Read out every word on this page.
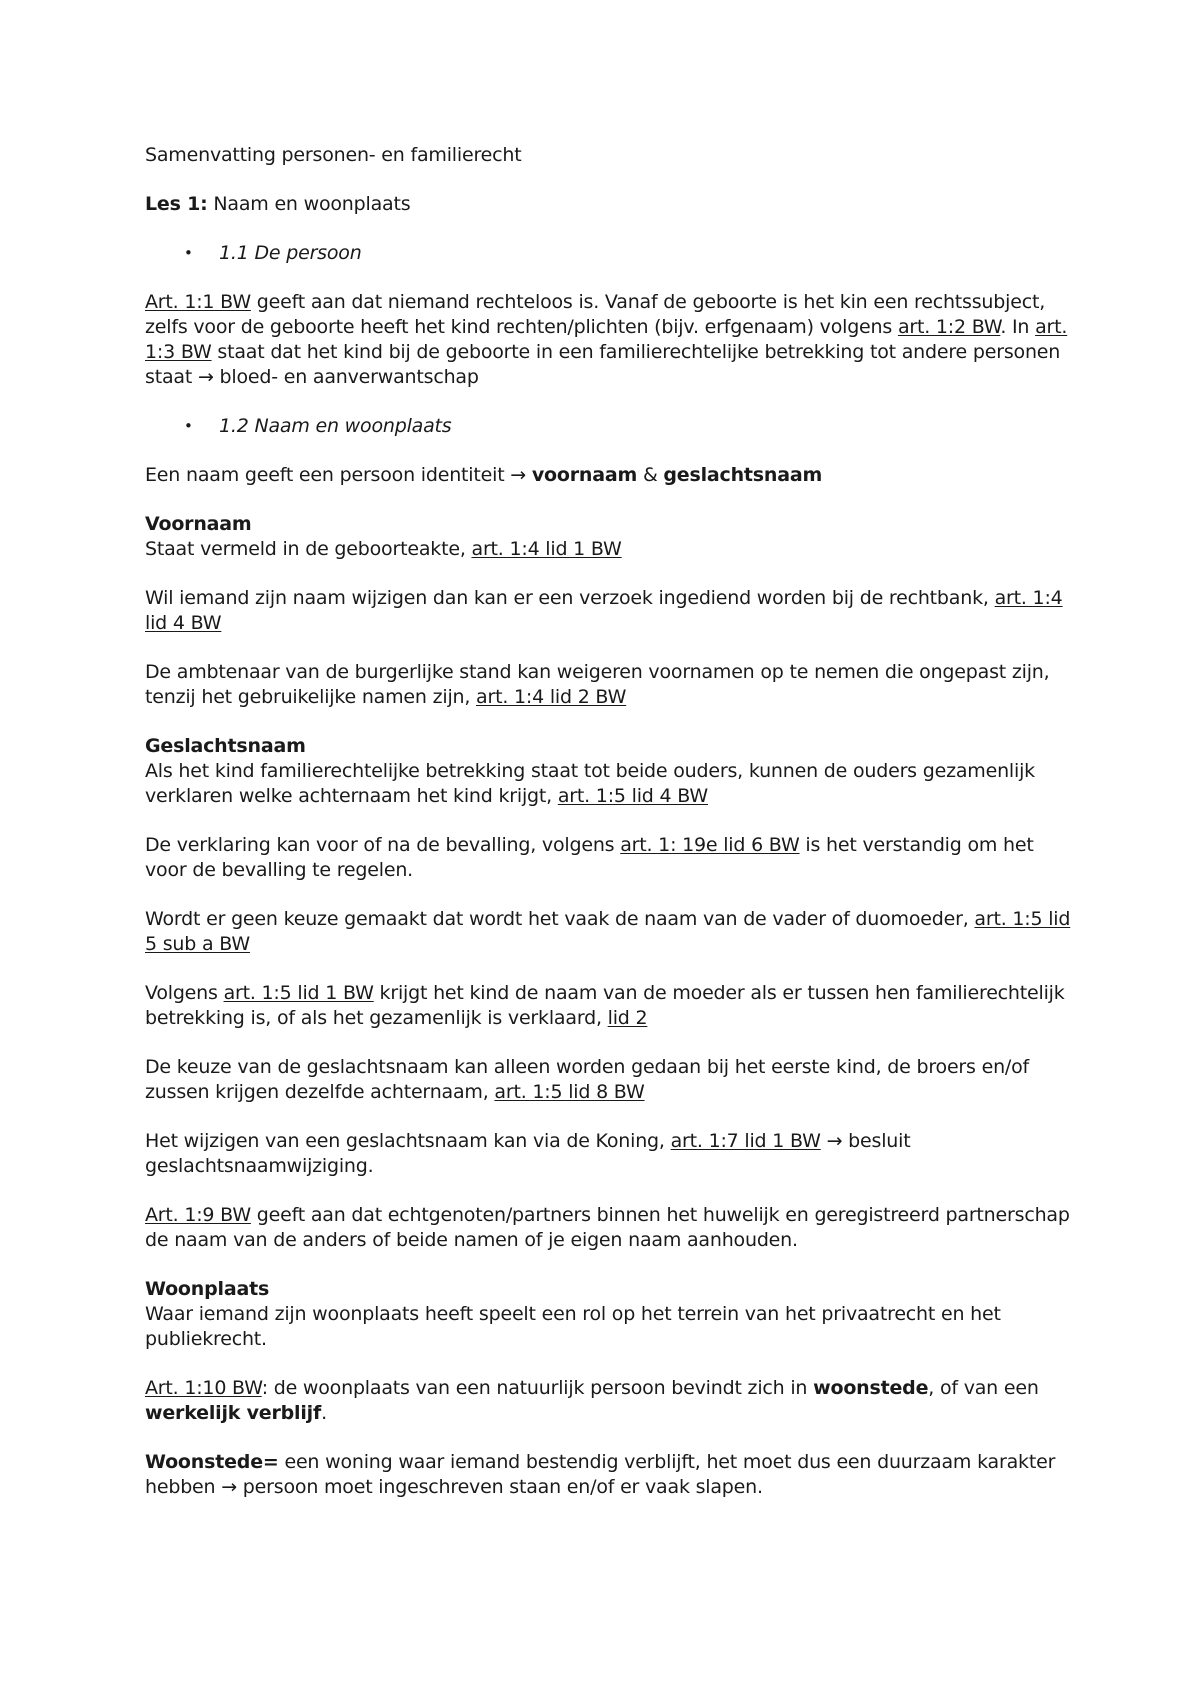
Samenvatting personen- en familierecht

Les 1: Naam en woonplaats

• 1.1 De persoon

Art. 1:1 BW geeft aan dat niemand rechteloos is. Vanaf de geboorte is het kin een rechtssubject, zelfs voor de geboorte heeft het kind rechten/plichten (bijv. erfgenaam) volgens art. 1:2 BW. In art. 1:3 BW staat dat het kind bij de geboorte in een familierechtelijke betrekking tot andere personen staat → bloed- en aanverwantschap

• 1.2 Naam en woonplaats

Een naam geeft een persoon identiteit → voornaam & geslachtsnaam

Voornaam

Staat vermeld in de geboorteakte, art. 1:4 lid 1 BW

Wil iemand zijn naam wijzigen dan kan er een verzoek ingediend worden bij de rechtbank, art. 1:4 lid 4 BW

De ambtenaar van de burgerlijke stand kan weigeren voornamen op te nemen die ongepast zijn, tenzij het gebruikelijke namen zijn, art. 1:4 lid 2 BW

Geslachtsnaam

Als het kind familierechtelijke betrekking staat tot beide ouders, kunnen de ouders gezamenlijk verklaren welke achternaam het kind krijgt, art. 1:5 lid 4 BW

De verklaring kan voor of na de bevalling, volgens art. 1: 19e lid 6 BW is het verstandig om het voor de bevalling te regelen.

Wordt er geen keuze gemaakt dat wordt het vaak de naam van de vader of duomoeder, art. 1:5 lid 5 sub a BW

Volgens art. 1:5 lid 1 BW krijgt het kind de naam van de moeder als er tussen hen familierechtelijk betrekking is, of als het gezamenlijk is verklaard, lid 2

De keuze van de geslachtsnaam kan alleen worden gedaan bij het eerste kind, de broers en/of zussen krijgen dezelfde achternaam, art. 1:5 lid 8 BW

Het wijzigen van een geslachtsnaam kan via de Koning, art. 1:7 lid 1 BW → besluit geslachtsnaamwijziging.

Art. 1:9 BW geeft aan dat echtgenoten/partners binnen het huwelijk en geregistreerd partnerschap de naam van de anders of beide namen of je eigen naam aanhouden.

Woonplaats

Waar iemand zijn woonplaats heeft speelt een rol op het terrein van het privaatrecht en het publiekrecht.

Art. 1:10 BW: de woonplaats van een natuurlijk persoon bevindt zich in woonstede, of van een werkelijk verblijf.

Woonstede= een woning waar iemand bestendig verblijft, het moet dus een duurzaam karakter hebben → persoon moet ingeschreven staan en/of er vaak slapen.
